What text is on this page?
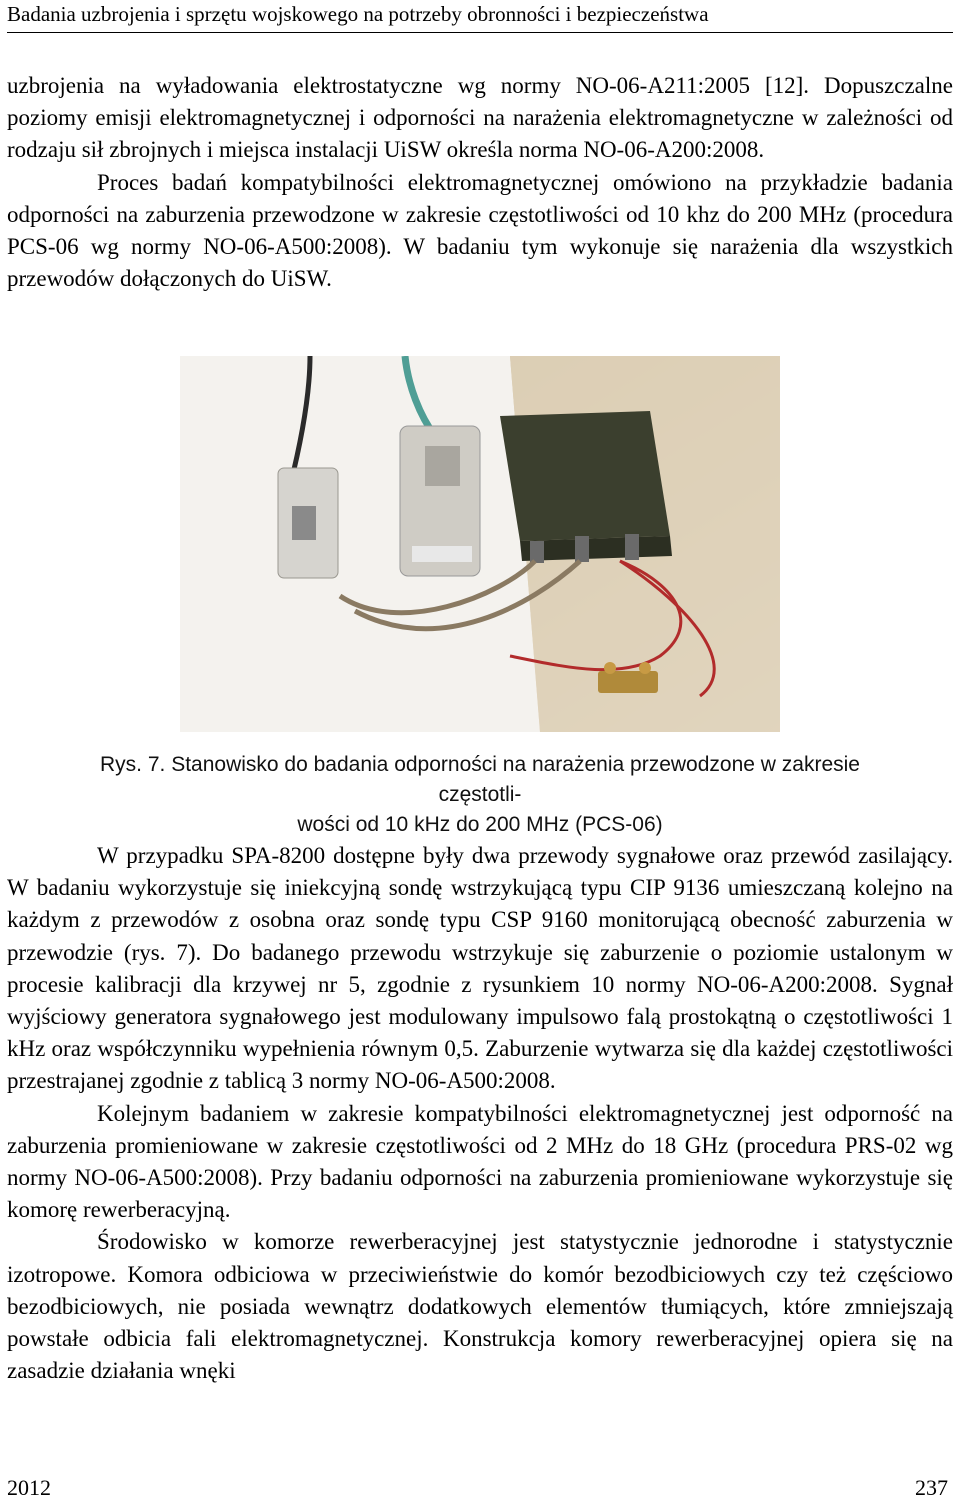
Badania uzbrojenia i sprzętu wojskowego na potrzeby obronności i bezpieczeństwa

uzbrojenia na wyładowania elektrostatyczne wg normy NO-06-A211:2005 [12]. Dopuszczalne poziomy emisji elektromagnetycznej i odporności na narażenia elektromagnetyczne w zależności od rodzaju sił zbrojnych i miejsca instalacji UiSW określa norma NO-06-A200:2008.

Proces badań kompatybilności elektromagnetycznej omówiono na przykładzie badania odporności na zaburzenia przewodzone w zakresie częstotliwości od 10 khz do 200 MHz (procedura PCS-06 wg normy NO-06-A500:2008). W badaniu tym wykonuje się narażenia dla wszystkich przewodów dołączonych do UiSW.

Rys. 7. Stanowisko do badania odporności na narażenia przewodzone w zakresie częstotli-
wości od 10 kHz do 200 MHz (PCS-06)

W przypadku SPA-8200 dostępne były dwa przewody sygnałowe oraz przewód zasilający. W badaniu wykorzystuje się iniekcyjną sondę wstrzykującą typu CIP 9136 umieszczaną kolejno na każdym z przewodów z osobna oraz sondę typu CSP 9160 monitorującą obecność zaburzenia w przewodzie (rys. 7). Do badanego przewodu wstrzykuje się zaburzenie o poziomie ustalonym w procesie kalibracji dla krzywej nr 5, zgodnie z rysunkiem 10 normy NO-06-A200:2008. Sygnał wyjściowy generatora sygnałowego jest modulowany impulsowo falą prostokątną o częstotliwości 1 kHz oraz współczynniku wypełnienia równym 0,5. Zaburzenie wytwarza się dla każdej częstotliwości przestrajanej zgodnie z tablicą 3 normy NO-06-A500:2008.

Kolejnym badaniem w zakresie kompatybilności elektromagnetycznej jest odporność na zaburzenia promieniowane w zakresie częstotliwości od 2 MHz do 18 GHz (procedura PRS-02 wg normy NO-06-A500:2008). Przy badaniu odporności na zaburzenia promieniowane wykorzystuje się komorę rewerberacyjną.

Środowisko w komorze rewerberacyjnej jest statystycznie jednorodne i statystycznie izotropowe. Komora odbiciowa w przeciwieństwie do komór bezodbiciowych czy też częściowo bezodbiciowych, nie posiada wewnątrz dodatkowych elementów tłumiących, które zmniejszają powstałe odbicia fali elektromagnetycznej. Konstrukcja komory rewerberacyjnej opiera się na zasadzie działania wnęki

2012	237
